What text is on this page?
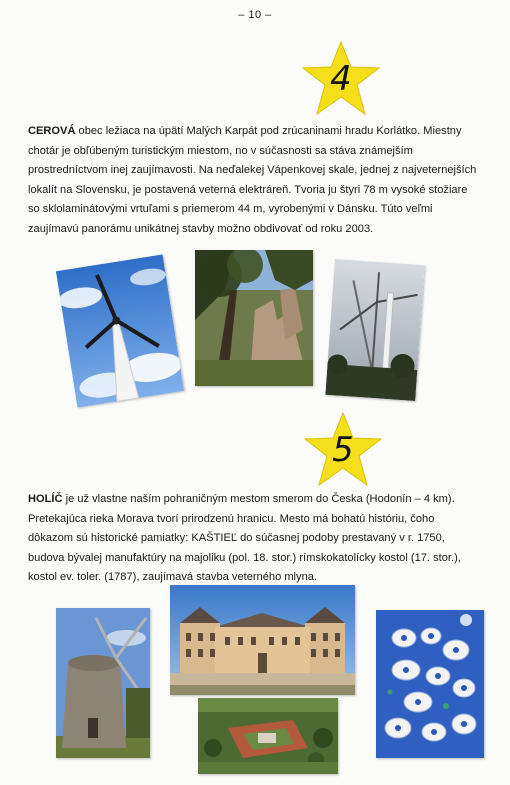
– 10 –
4
CEROVÁ obec ležiaca na úpätí Malých Karpát pod zrúcaninami hradu Korlátko. Miestny
chotár je obľúbeným turistickým miestom, no v súčasnosti sa stáva známejším
prostredníctvom inej zaujímavosti. Na neďalekej Vápenkovej skale, jednej z najveternejších
lokalít na Slovensku, je postavená veterná elektráreň. Tvoria ju štyri 78 m vysoké stožiare
so sklolaminátovými vrtuľami s priemerom 44 m, vyrobenými v Dánsku. Túto veľmi
zaujímavú panorámu unikátnej stavby možno obdivovať od roku 2003.
5
HOLÍČ je už vlastne naším pohraničným mestom smerom do Česka (Hodonín – 4 km).
Pretekajúca rieka Morava tvorí prirodzenú hranicu. Mesto má bohatú históriu, čoho
dôkazom sú historické pamiatky: KAŠTIEĽ do súčasnej podoby prestavaný v r. 1750,
budova bývalej manufaktúry na majoliku (pol. 18. stor.) rímskokatolícky kostol (17. stor.),
kostol ev. toler. (1787), zaujímavá stavba veterného mlyna.
